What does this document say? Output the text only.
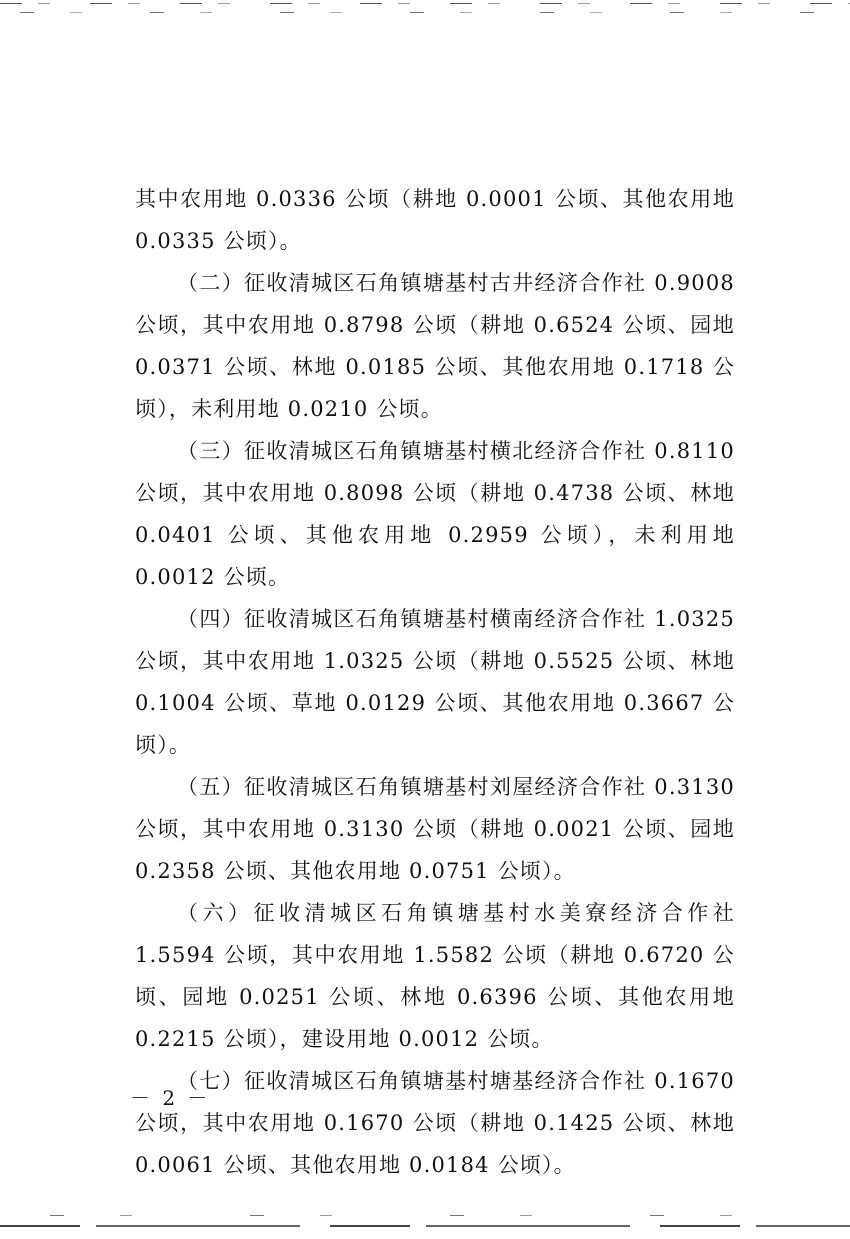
其中农用地 0.0336 公顷（耕地 0.0001 公顷、其他农用地 0.0335 公顷）。

（二）征收清城区石角镇塘基村古井经济合作社 0.9008 公顷，其中农用地 0.8798 公顷（耕地 0.6524 公顷、园地 0.0371 公顷、林地 0.0185 公顷、其他农用地 0.1718 公顷），未利用地 0.0210 公顷。

（三）征收清城区石角镇塘基村横北经济合作社 0.8110 公顷，其中农用地 0.8098 公顷（耕地 0.4738 公顷、林地 0.0401 公顷、其他农用地 0.2959 公顷），未利用地 0.0012 公顷。

（四）征收清城区石角镇塘基村横南经济合作社 1.0325 公顷，其中农用地 1.0325 公顷（耕地 0.5525 公顷、林地 0.1004 公顷、草地 0.0129 公顷、其他农用地 0.3667 公顷）。

（五）征收清城区石角镇塘基村刘屋经济合作社 0.3130 公顷，其中农用地 0.3130 公顷（耕地 0.0021 公顷、园地 0.2358 公顷、其他农用地 0.0751 公顷）。

（六）征收清城区石角镇塘基村水美寮经济合作社 1.5594 公顷，其中农用地 1.5582 公顷（耕地 0.6720 公顷、园地 0.0251 公顷、林地 0.6396 公顷、其他农用地 0.2215 公顷），建设用地 0.0012 公顷。

（七）征收清城区石角镇塘基村塘基经济合作社 0.1670 公顷，其中农用地 0.1670 公顷（耕地 0.1425 公顷、林地 0.0061 公顷、其他农用地 0.0184 公顷）。

－ 2 －
